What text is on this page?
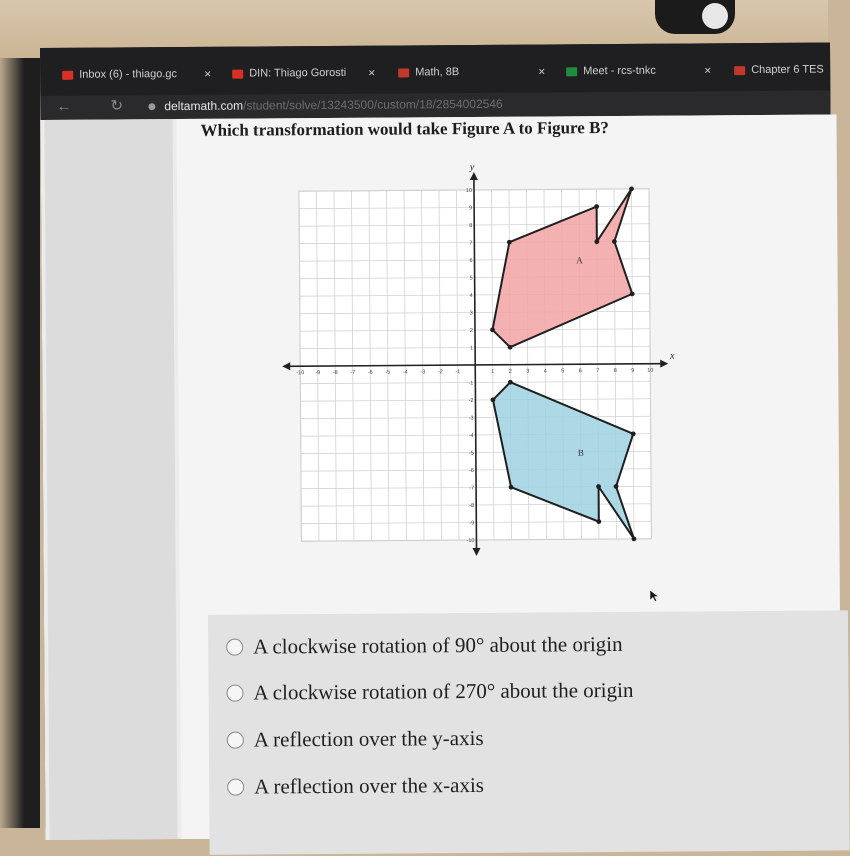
Inbox (6) - thiago.gc ×	DIN: Thiago Gorosti ×	Math, 8B	×	Meet - rcs-tnkc	×	Chapter 6 TES
←	↻	deltamath.com/student/solve/13243500/custom/18/2854002546

Which transformation would take Figure A to Figure B?

A
B
x
y
-10 -9 -8 -7 -6 -5 -4 -3 -2 -1	1	2	3	4	5	6	7	8	9 10
10
9
8
7
6
5
4
3
2
1
-1
-2
-3
-4
-5
-6
-7
-8
-9
-10
A clockwise rotation of 90° about the origin
A clockwise rotation of 270° about the origin
A reflection over the y-axis
A reflection over the x-axis
